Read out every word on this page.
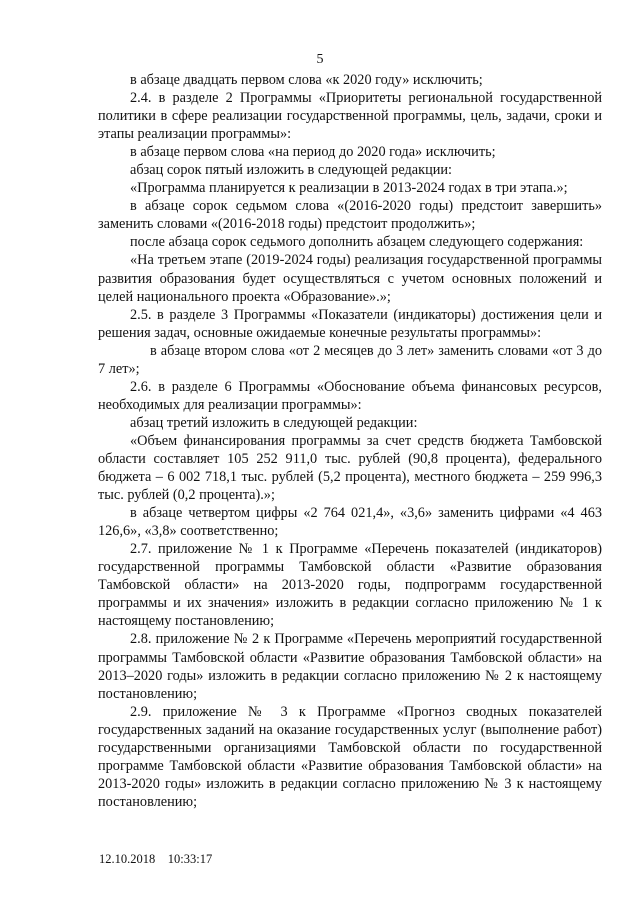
5

в абзаце двадцать первом слова «к 2020 году» исключить;

2.4. в разделе 2 Программы «Приоритеты региональной государственной политики в сфере реализации государственной программы, цель, задачи, сроки и этапы реализации программы»:

в абзаце первом слова «на период до 2020 года» исключить;

абзац сорок пятый изложить в следующей редакции:

«Программа планируется к реализации в 2013-2024 годах в три этапа.»;

в абзаце сорок седьмом слова «(2016-2020 годы) предстоит завершить» заменить словами «(2016-2018 годы) предстоит продолжить»;

после абзаца сорок седьмого дополнить абзацем следующего содержания:

«На третьем этапе (2019-2024 годы) реализация государственной программы развития образования будет осуществляться с учетом основных положений и целей национального проекта «Образование».»;

2.5. в разделе 3 Программы «Показатели (индикаторы) достижения цели и решения задач, основные ожидаемые конечные результаты программы»:

в абзаце втором слова «от 2 месяцев до 3 лет» заменить словами «от 3 до 7 лет»;

2.6. в разделе 6 Программы «Обоснование объема финансовых ресурсов, необходимых для реализации программы»:

абзац третий изложить в следующей редакции:

«Объем финансирования программы за счет средств бюджета Тамбовской области составляет 105 252 911,0 тыс. рублей (90,8 процента), федерального бюджета – 6 002 718,1 тыс. рублей (5,2 процента), местного бюджета – 259 996,3 тыс. рублей (0,2 процента).»;

в абзаце четвертом цифры «2 764 021,4», «3,6» заменить цифрами «4 463 126,6», «3,8» соответственно;

2.7. приложение № 1 к Программе «Перечень показателей (индикаторов) государственной программы Тамбовской области «Развитие образования Тамбовской области» на 2013-2020 годы, подпрограмм государственной программы и их значения» изложить в редакции согласно приложению № 1 к настоящему постановлению;

2.8. приложение № 2 к Программе «Перечень мероприятий государственной программы Тамбовской области «Развитие образования Тамбовской области» на 2013–2020 годы» изложить в редакции согласно приложению № 2 к настоящему постановлению;

2.9. приложение № 3 к Программе «Прогноз сводных показателей государственных заданий на оказание государственных услуг (выполнение работ) государственными организациями Тамбовской области по государственной программе Тамбовской области «Развитие образования Тамбовской области» на 2013-2020 годы» изложить в редакции согласно приложению № 3 к настоящему постановлению;

12.10.2018 10:33:17
